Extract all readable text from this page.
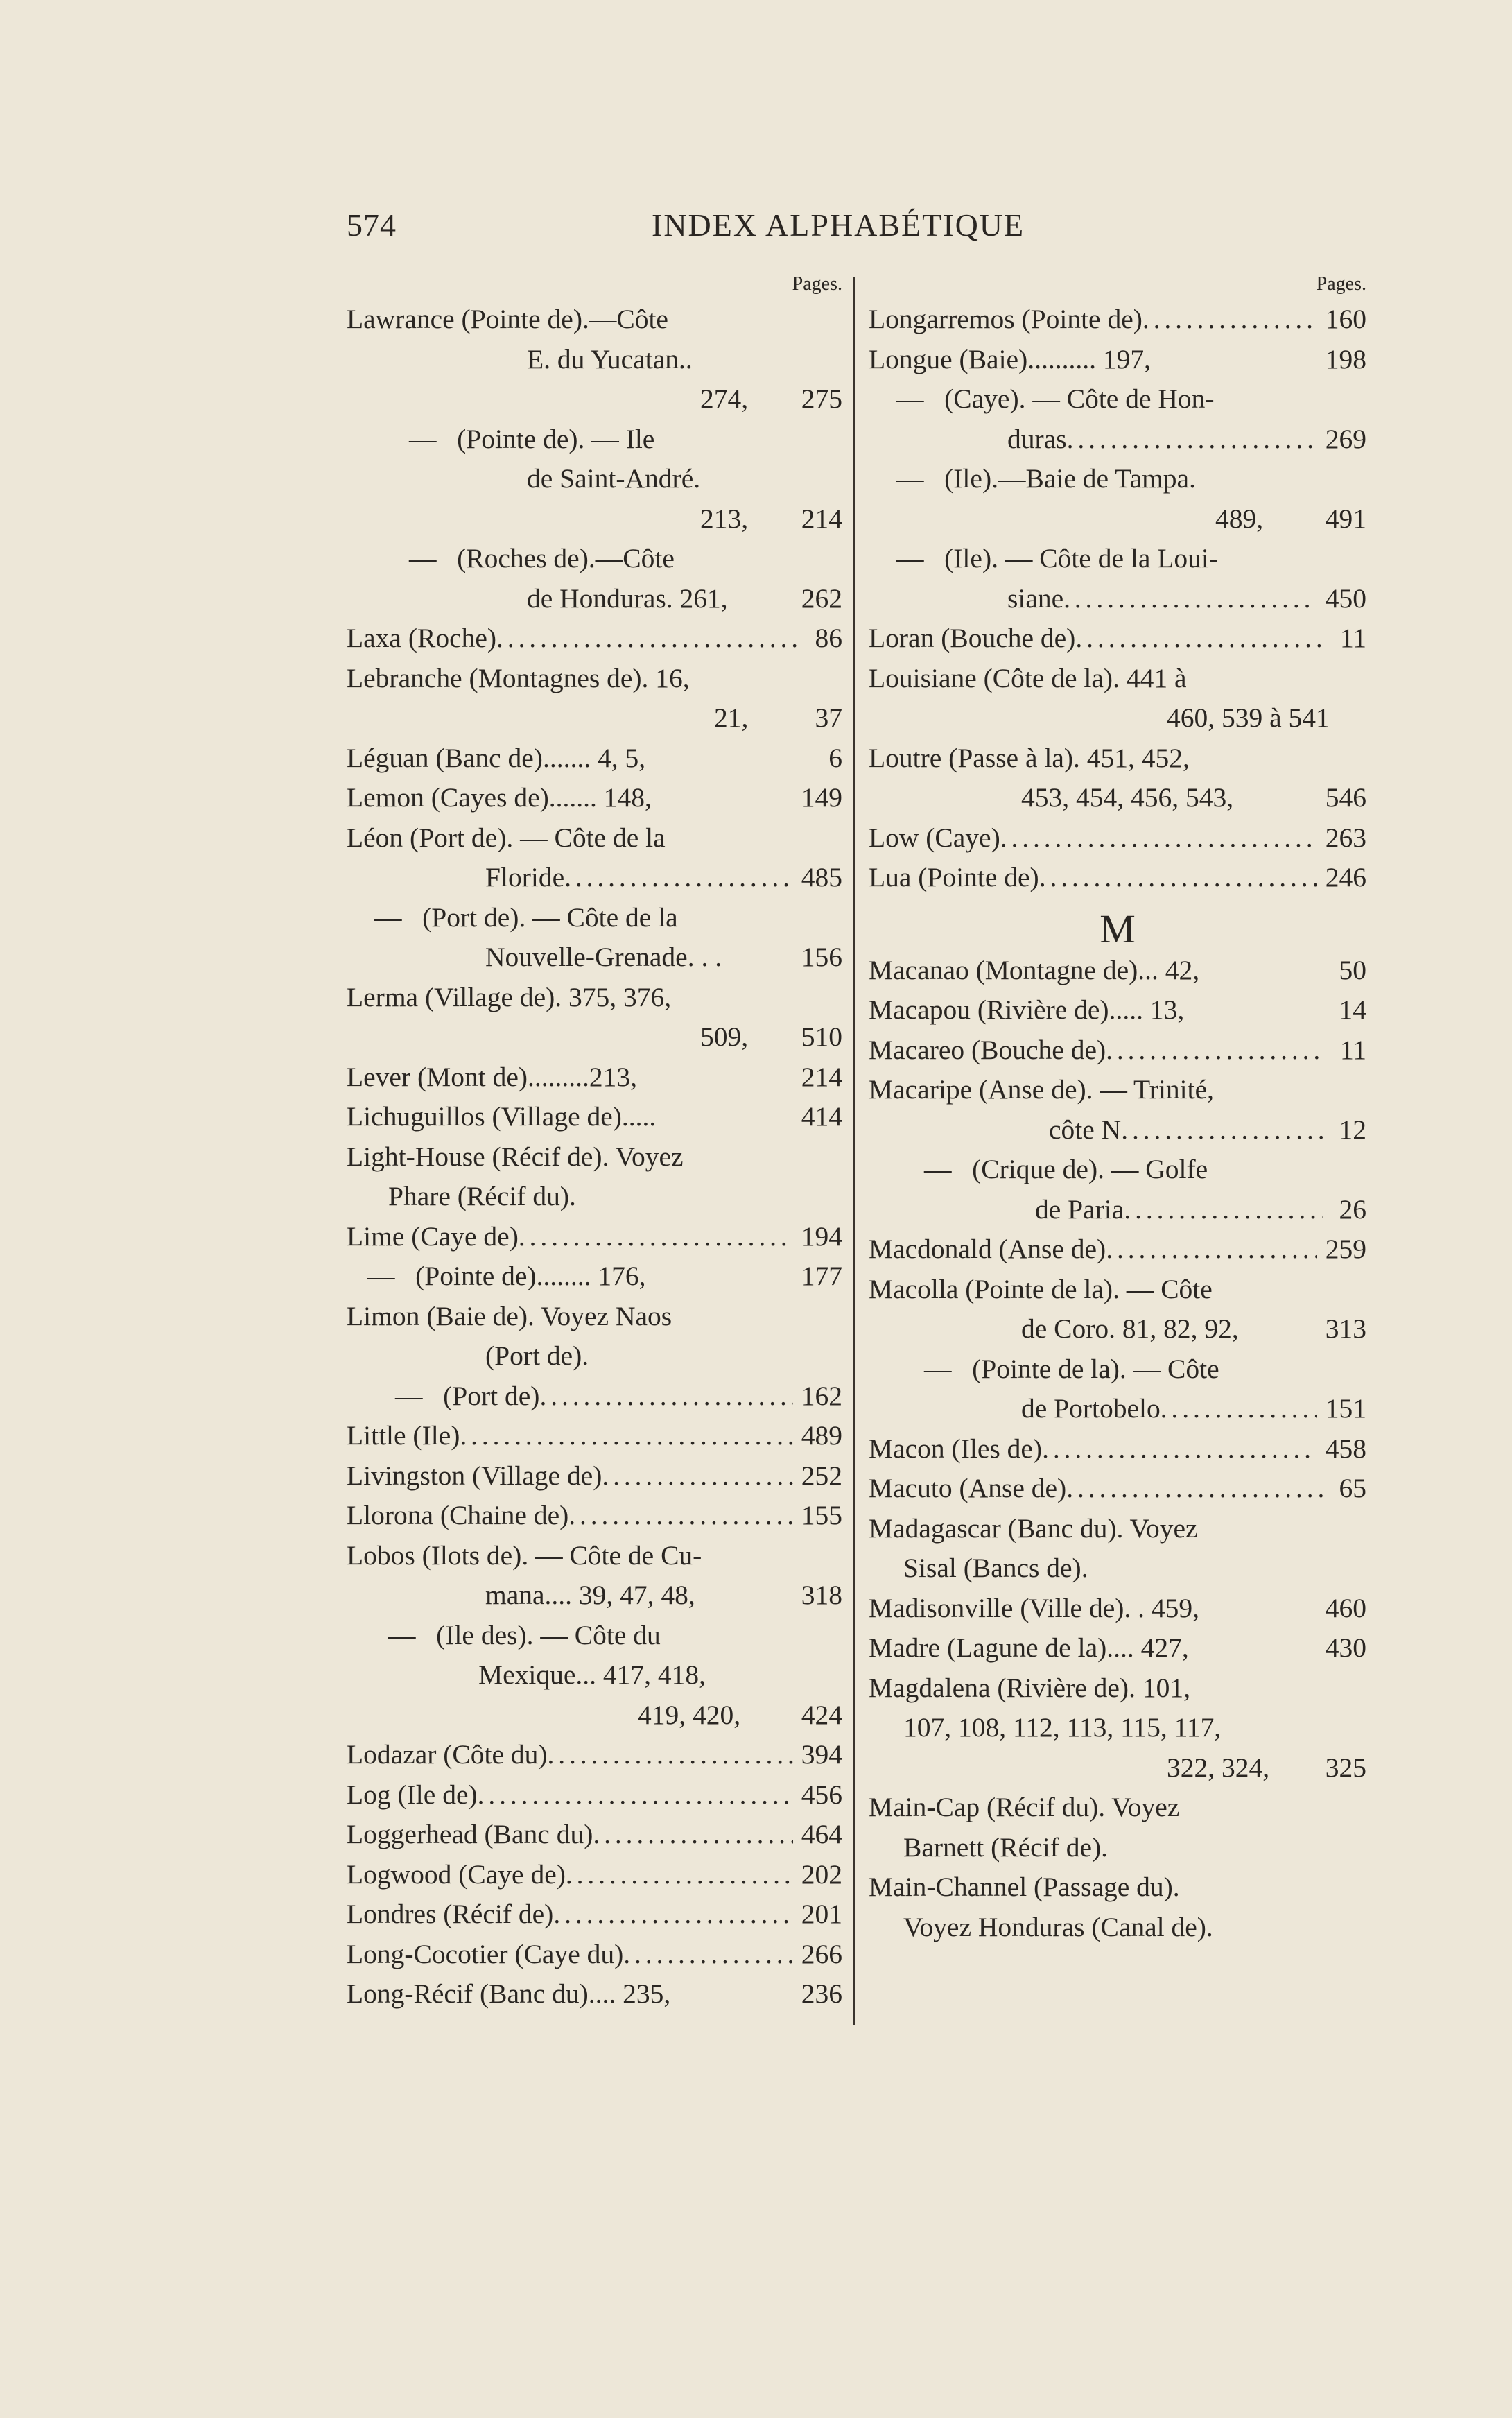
574	INDEX ALPHABÉTIQUE
Pages.
Lawrance (Pointe de).—Côte
E. du Yucatan..
274,	275
—   (Pointe de). — Ile
de Saint-André.
213,	214
—   (Roches de).—Côte
de Honduras. 261,	262
Laxa (Roche) . . .	86
Lebranche (Montagnes de). 16,
21,	37
Léguan (Banc de)....... 4, 5,	6
Lemon (Cayes de)....... 148,	149
Léon (Port de). — Côte de la
Floride . . .	485
—   (Port de). — Côte de la
Nouvelle-Grenade. . .	156
Lerma (Village de). 375, 376,
509,	510
Lever (Mont de).........213,	214
Lichuguillos (Village de).....	414
Light-House (Récif de). Voyez
Phare (Récif du).
Lime (Caye de) . . .	194
—   (Pointe de)........ 176,	177
Limon (Baie de). Voyez Naos
(Port de).
—   (Port de) . . .	162
Little (Ile) . . .	489
Livingston (Village de) . . .	252
Llorona (Chaine de) . . .	155
Lobos (Ilots de). — Côte de Cu-
mana.... 39, 47, 48,	318
—   (Ile des). — Côte du
Mexique... 417, 418,
419, 420,	424
Lodazar (Côte du) . . .	394
Log (Ile de) . . .	456
Loggerhead (Banc du) . . .	464
Logwood (Caye de) . . .	202
Londres (Récif de) . . .	201
Long-Cocotier (Caye du) . . .	266
Long-Récif (Banc du).... 235,	236
Pages.
Longarremos (Pointe de) . . .	160
Longue (Baie).......... 197,	198
—   (Caye). — Côte de Hon-
duras . . .	269
—   (Ile).—Baie de Tampa.
489,	491
—   (Ile). — Côte de la Loui-
siane . . .	450
Loran (Bouche de) . . .	11
Louisiane (Côte de la). 441 à
460, 539 à 541
Loutre (Passe à la). 451, 452,
453, 454, 456, 543,	546
Low (Caye) . . .	263
Lua (Pointe de) . . .	246
M
Macanao (Montagne de)... 42,	50
Macapou (Rivière de)..... 13,	14
Macareo (Bouche de) . . .	11
Macaripe (Anse de). — Trinité,
côte N . . .	12
—   (Crique de). — Golfe
de Paria . . .	26
Macdonald (Anse de) . . .	259
Macolla (Pointe de la). — Côte
de Coro. 81, 82, 92,	313
—   (Pointe de la). — Côte
de Portobelo . . .	151
Macon (Iles de) . . .	458
Macuto (Anse de) . . .	65
Madagascar (Banc du). Voyez
Sisal (Bancs de).
Madisonville (Ville de). . 459,	460
Madre (Lagune de la).... 427,	430
Magdalena (Rivière de). 101,
107, 108, 112, 113, 115, 117,
322, 324,	325
Main-Cap (Récif du). Voyez
Barnett (Récif de).
Main-Channel (Passage du).
Voyez Honduras (Canal de).
